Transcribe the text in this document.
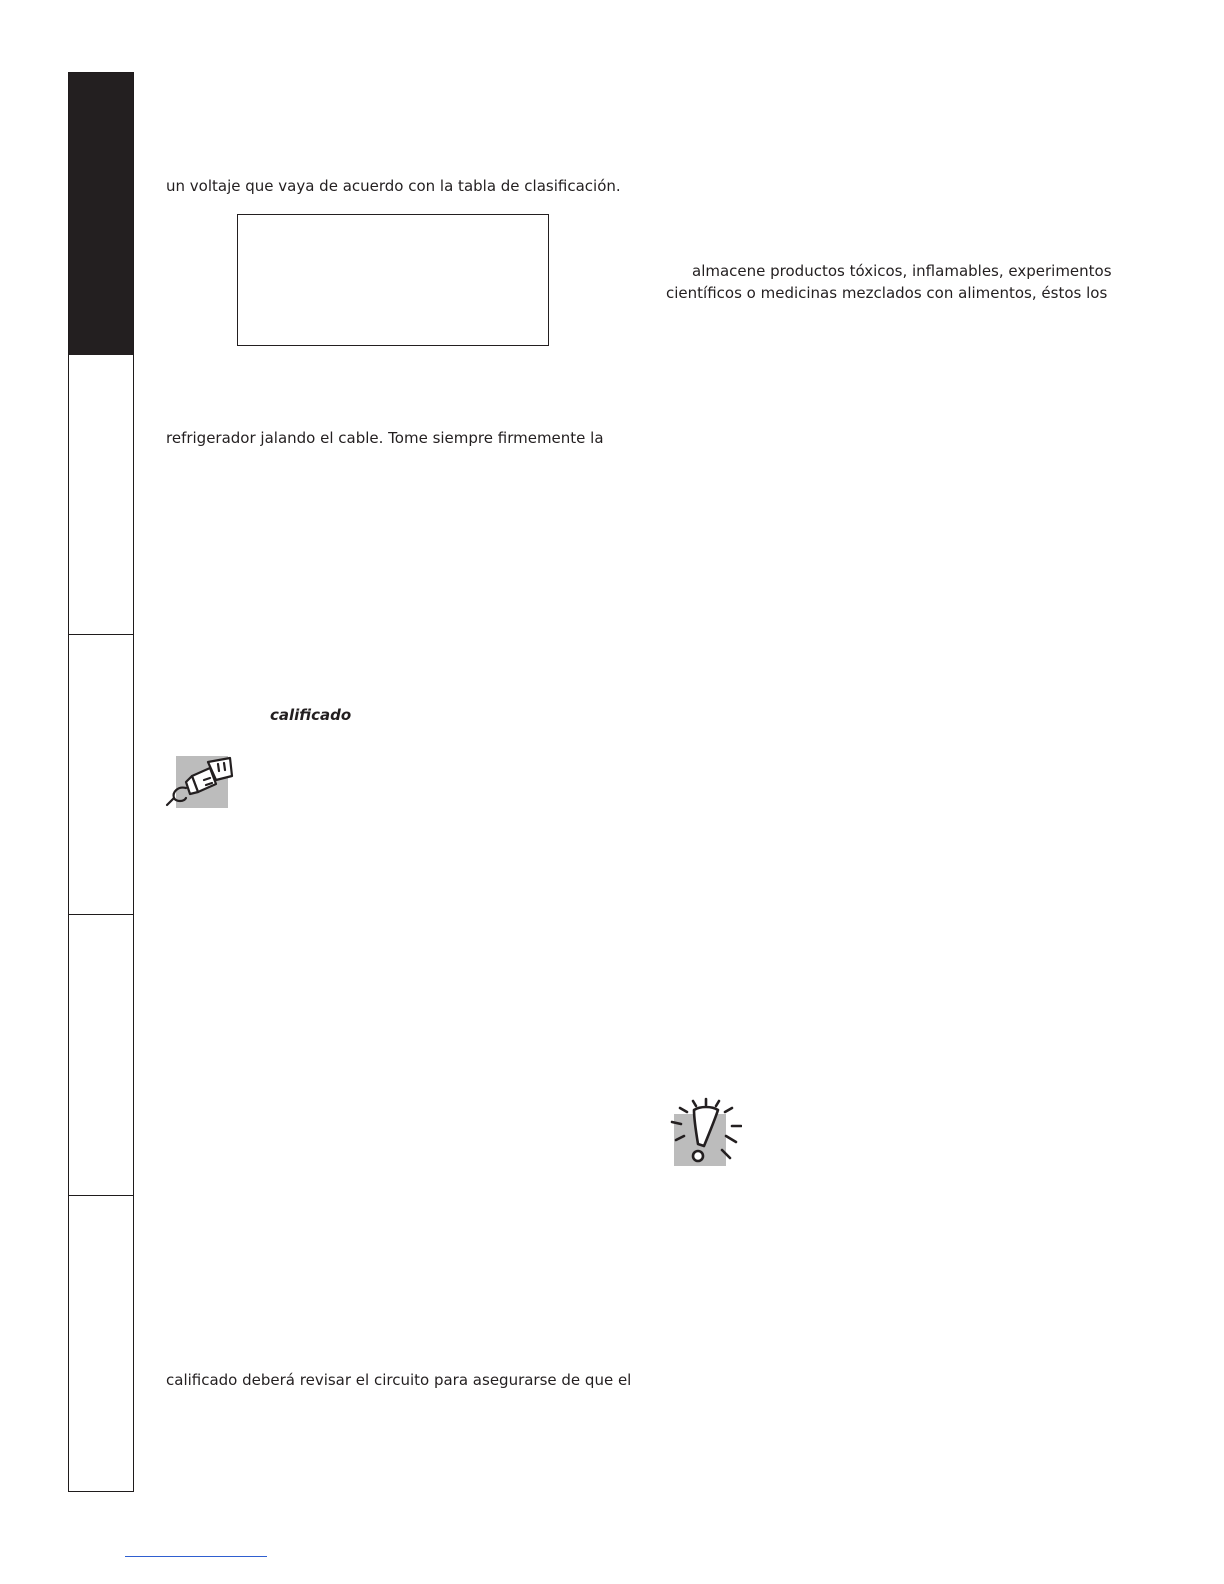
un voltaje que vaya de acuerdo con la tabla de clasificación.
refrigerador jalando el cable. Tome siempre firmemente la
calificado
calificado deberá revisar el circuito para asegurarse de que el
almacene productos tóxicos, inflamables, experimentos
científicos o medicinas mezclados con alimentos, éstos los
